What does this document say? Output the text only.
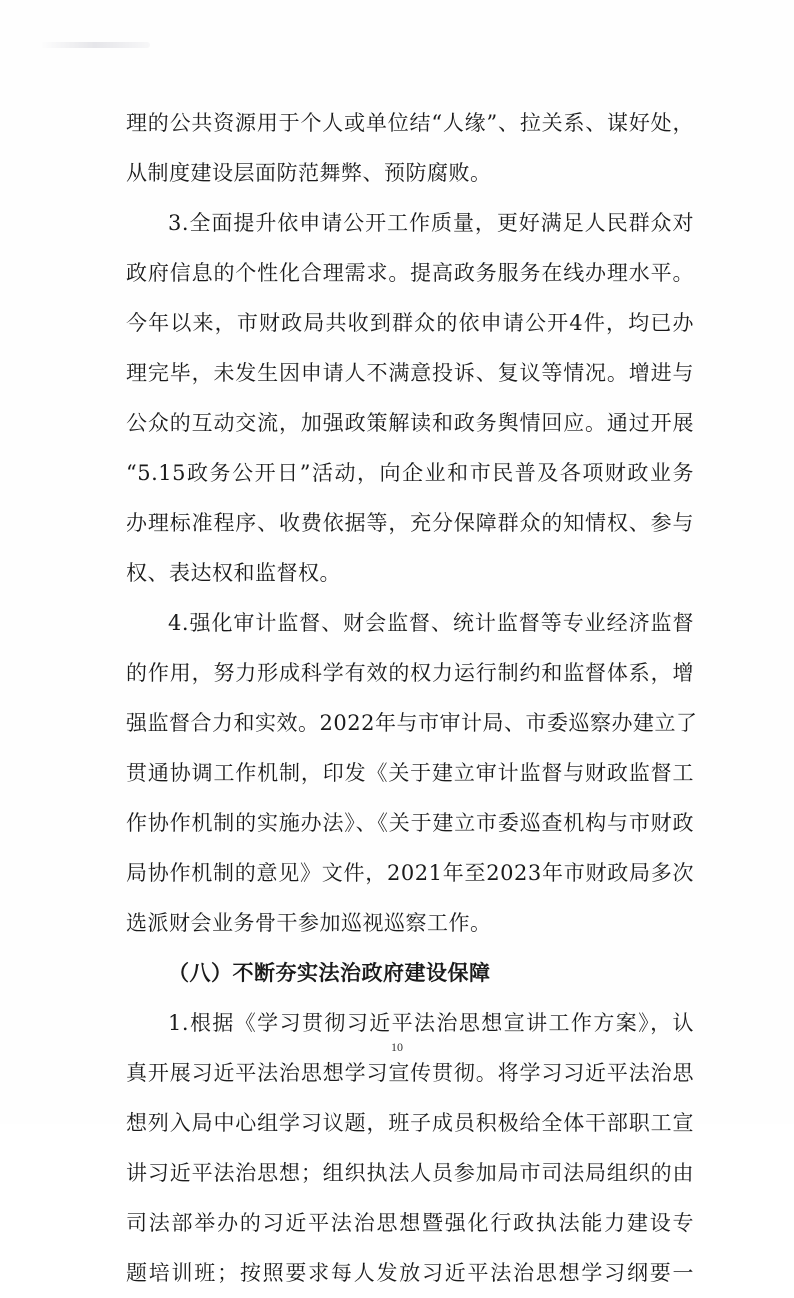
理的公共资源用于个人或单位结“人缘”、拉关系、谋好处，
从制度建设层面防范舞弊、预防腐败。
3.全面提升依申请公开工作质量，更好满足人民群众对
政府信息的个性化合理需求。提高政务服务在线办理水平。
今年以来，市财政局共收到群众的依申请公开4件，均已办
理完毕，未发生因申请人不满意投诉、复议等情况。增进与
公众的互动交流，加强政策解读和政务舆情回应。通过开展
“5.15政务公开日”活动，向企业和市民普及各项财政业务
办理标准程序、收费依据等，充分保障群众的知情权、参与
权、表达权和监督权。
4.强化审计监督、财会监督、统计监督等专业经济监督
的作用，努力形成科学有效的权力运行制约和监督体系，增
强监督合力和实效。2022年与市审计局、市委巡察办建立了
贯通协调工作机制，印发《关于建立审计监督与财政监督工
作协作机制的实施办法》、《关于建立市委巡查机构与市财政
局协作机制的意见》文件，2021年至2023年市财政局多次
选派财会业务骨干参加巡视巡察工作。
（八）不断夯实法治政府建设保障
1.根据《学习贯彻习近平法治思想宣讲工作方案》，认
真开展习近平法治思想学习宣传贯彻。将学习习近平法治思
想列入局中心组学习议题，班子成员积极给全体干部职工宣
讲习近平法治思想；组织执法人员参加局市司法局组织的由
司法部举办的习近平法治思想暨强化行政执法能力建设专
题培训班；按照要求每人发放习近平法治思想学习纲要一
10
